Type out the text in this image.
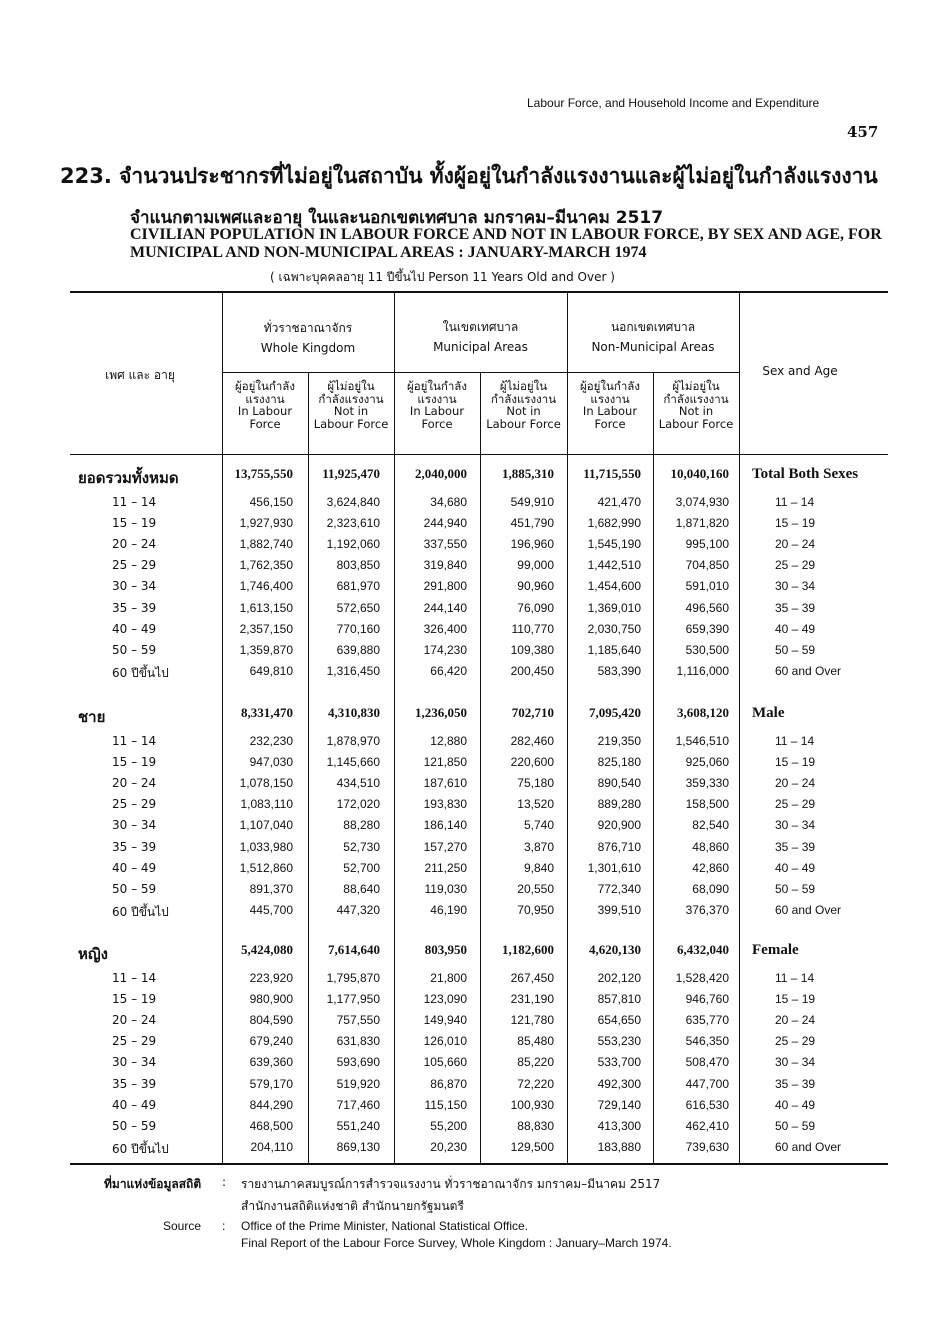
Labour Force, and Household Income and Expenditure
457
223. จำนวนประชากรที่ไม่อยู่ในสถาบัน ทั้งผู้อยู่ในกำลังแรงงานและผู้ไม่อยู่ในกำลังแรงงาน
จำแนกตามเพศและอายุ ในและนอกเขตเทศบาล มกราคม–มีนาคม 2517
CIVILIAN POPULATION IN LABOUR FORCE AND NOT IN LABOUR FORCE, BY SEX AND AGE, FOR MUNICIPAL AND NON-MUNICIPAL AREAS : JANUARY-MARCH 1974
( เฉพาะบุคคลอายุ 11 ปีขึ้นไป Person 11 Years Old and Over )
เพศ และ อายุ	Sex and Age
ทั่วราชอาณาจักร
Whole Kingdom
ในเขตเทศบาล
Municipal Areas
นอกเขตเทศบาล
Non-Municipal Areas
ผู้อยู่ในกำลัง
แรงงาน
In Labour
Force
ผู้ไม่อยู่ใน
กำลังแรงงาน
Not in
Labour Force
ผู้อยู่ในกำลัง
แรงงาน
In Labour
Force
ผู้ไม่อยู่ใน
กำลังแรงงาน
Not in
Labour Force
ผู้อยู่ในกำลัง
แรงงาน
In Labour
Force
ผู้ไม่อยู่ใน
กำลังแรงงาน
Not in
Labour Force
ยอดรวมทั้งหมด	13,755,550 11,925,470	2,040,000	1,885,310 11,715,550 10,040,160 Total Both Sexes
11 – 14	456,150	3,624,840	34,680	549,910	421,470	3,074,930	11 – 14
15 – 19	1,927,930	2,323,610	244,940	451,790	1,682,990	1,871,820	15 – 19
20 – 24	1,882,740	1,192,060	337,550	196,960	1,545,190	995,100	20 – 24
25 – 29	1,762,350	803,850	319,840	99,000	1,442,510	704,850	25 – 29
30 – 34	1,746,400	681,970	291,800	90,960	1,454,600	591,010	30 – 34
35 – 39	1,613,150	572,650	244,140	76,090	1,369,010	496,560	35 – 39
40 – 49	2,357,150	770,160	326,400	110,770	2,030,750	659,390	40 – 49
50 – 59	1,359,870	639,880	174,230	109,380	1,185,640	530,500	50 – 59
60 ปีขึ้นไป	649,810	1,316,450	66,420	200,450	583,390	1,116,000	60 and Over
ชาย	8,331,470	4,310,830	1,236,050	702,710	7,095,420	3,608,120 Male
11 – 14	232,230	1,878,970	12,880	282,460	219,350	1,546,510	11 – 14
15 – 19	947,030	1,145,660	121,850	220,600	825,180	925,060	15 – 19
20 – 24	1,078,150	434,510	187,610	75,180	890,540	359,330	20 – 24
25 – 29	1,083,110	172,020	193,830	13,520	889,280	158,500	25 – 29
30 – 34	1,107,040	88,280	186,140	5,740	920,900	82,540	30 – 34
35 – 39	1,033,980	52,730	157,270	3,870	876,710	48,860	35 – 39
40 – 49	1,512,860	52,700	211,250	9,840	1,301,610	42,860	40 – 49
50 – 59	891,370	88,640	119,030	20,550	772,340	68,090	50 – 59
60 ปีขึ้นไป	445,700	447,320	46,190	70,950	399,510	376,370	60 and Over
หญิง	5,424,080	7,614,640	803,950	1,182,600	4,620,130	6,432,040 Female
11 – 14	223,920	1,795,870	21,800	267,450	202,120	1,528,420	11 – 14
15 – 19	980,900	1,177,950	123,090	231,190	857,810	946,760	15 – 19
20 – 24	804,590	757,550	149,940	121,780	654,650	635,770	20 – 24
25 – 29	679,240	631,830	126,010	85,480	553,230	546,350	25 – 29
30 – 34	639,360	593,690	105,660	85,220	533,700	508,470	30 – 34
35 – 39	579,170	519,920	86,870	72,220	492,300	447,700	35 – 39
40 – 49	844,290	717,460	115,150	100,930	729,140	616,530	40 – 49
50 – 59	468,500	551,240	55,200	88,830	413,300	462,410	50 – 59
60 ปีขึ้นไป	204,110	869,130	20,230	129,500	183,880	739,630	60 and Over
ที่มาแห่งข้อมูลสถิติ : รายงานภาคสมบูรณ์การสำรวจแรงงาน ทั่วราชอาณาจักร มกราคม–มีนาคม 2517
สำนักงานสถิติแห่งชาติ สำนักนายกรัฐมนตรี
Source : Office of the Prime Minister, National Statistical Office.
Final Report of the Labour Force Survey, Whole Kingdom : January–March 1974.
